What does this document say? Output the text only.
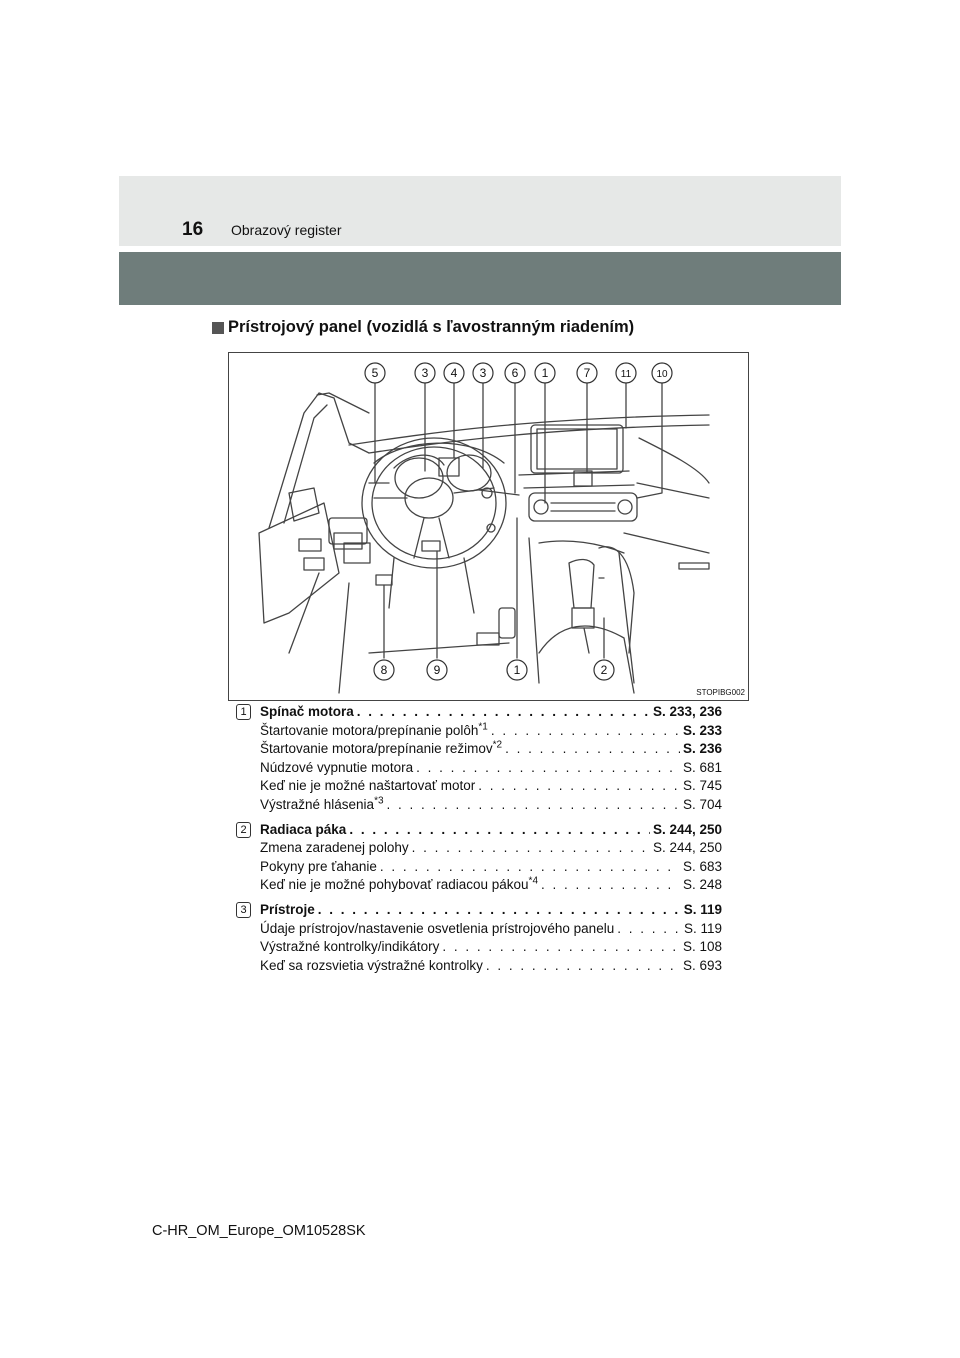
16 Obrazový register
Prístrojový panel (vozidlá s ľavostranným riadením)
5	3 4 3 6 1	7	11	10
8	9	1	2
STOPIBG002
1 Spínač motora . . .	S. 233, 236
Štartovanie motora/prepínanie polôh$^{*1}$ . . .	S. 233
Štartovanie motora/prepínanie režimov$^{*2}$ . . .	S. 236
Núdzové vypnutie motora . . .	S. 681
Keď nie je možné naštartovať motor . . .	S. 745
Výstražné hlásenia$^{*3}$ . . .	S. 704
2 Radiaca páka . . .	S. 244, 250
Zmena zaradenej polohy . . .	S. 244, 250
Pokyny pre ťahanie . . .	S. 683
Keď nie je možné pohybovať radiacou pákou$^{*4}$ . . .	S. 248
3 Prístroje . . .	S. 119
Údaje prístrojov/nastavenie osvetlenia prístrojového panelu . . .	S. 119
Výstražné kontrolky/indikátory . . .	S. 108
Keď sa rozsvietia výstražné kontrolky . . .	S. 693
C-HR_OM_Europe_OM10528SK
